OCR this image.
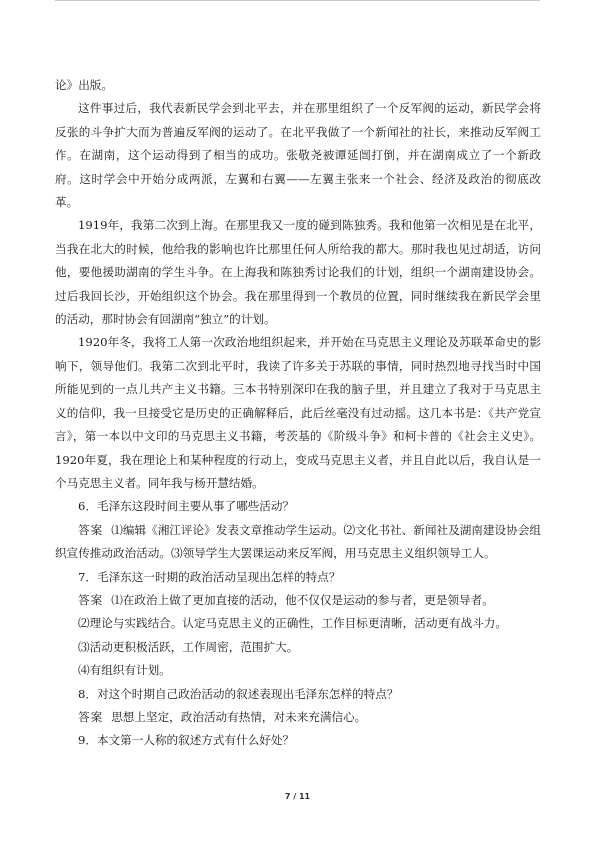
论》出版。

这件事过后，我代表新民学会到北平去，并在那里组织了一个反军阀的运动，新民学会将反张的斗争扩大而为普遍反军阀的运动了。在北平我做了一个新闻社的社长，来推动反军阀工作。在湖南，这个运动得到了相当的成功。张敬尧被谭延闿打倒，并在湖南成立了一个新政府。这时学会中开始分成两派，左翼和右翼——左翼主张来一个社会、经济及政治的彻底改革。

1919年，我第二次到上海。在那里我又一度的碰到陈独秀。我和他第一次相见是在北平，当我在北大的时候，他给我的影响也许比那里任何人所给我的都大。那时我也见过胡适，访问他，要他援助湖南的学生斗争。在上海我和陈独秀讨论我们的计划，组织一个湖南建设协会。过后我回长沙，开始组织这个协会。我在那里得到一个教员的位置，同时继续我在新民学会里的活动，那时协会有回湖南“独立”的计划。

1920年冬，我将工人第一次政治地组织起来，并开始在马克思主义理论及苏联革命史的影响下，领导他们。我第二次到北平时，我读了许多关于苏联的事情，同时热烈地寻找当时中国所能见到的一点儿共产主义书籍。三本书特别深印在我的脑子里，并且建立了我对于马克思主义的信仰，我一旦接受它是历史的正确解释后，此后丝毫没有过动摇。这几本书是：《共产党宣言》，第一本以中文印的马克思主义书籍，考茨基的《阶级斗争》和柯卡普的《社会主义史》。1920年夏，我在理论上和某种程度的行动上，变成马克思主义者，并且自此以后，我自认是一个马克思主义者。同年我与杨开慧结婚。

6．毛泽东这段时间主要从事了哪些活动？

答案 ⑴编辑《湘江评论》发表文章推动学生运动。⑵文化书社、新闻社及湖南建设协会组织宣传推动政治活动。⑶领导学生大罢课运动来反军阀，用马克思主义组织领导工人。

7．毛泽东这一时期的政治活动呈现出怎样的特点？

答案 ⑴在政治上做了更加直接的活动，他不仅仅是运动的参与者，更是领导者。

⑵理论与实践结合。认定马克思主义的正确性，工作目标更清晰，活动更有战斗力。

⑶活动更积极活跃，工作周密，范围扩大。

⑷有组织有计划。

8．对这个时期自己政治活动的叙述表现出毛泽东怎样的特点？

答案 思想上坚定，政治活动有热情，对未来充满信心。

9．本文第一人称的叙述方式有什么好处？

7 / 11
